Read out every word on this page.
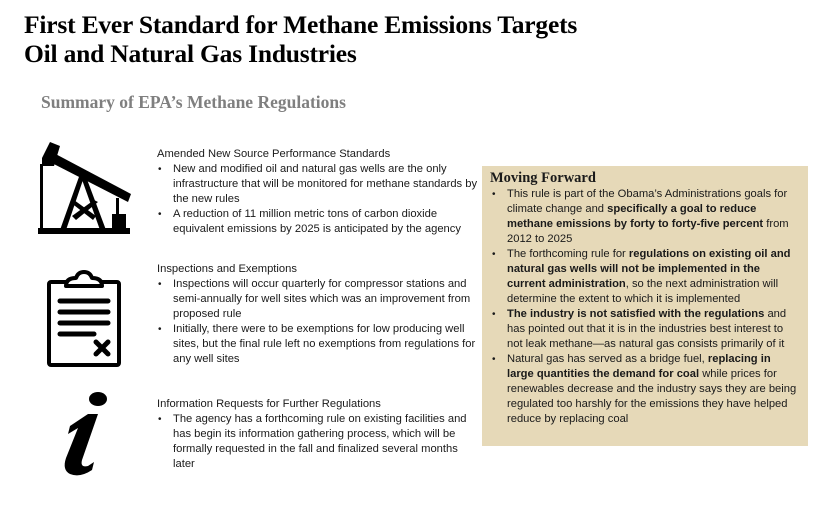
First Ever Standard for Methane Emissions Targets
Oil and Natural Gas Industries
Summary of EPA’s Methane Regulations
Amended New Source Performance Standards
• New and modified oil and natural gas wells are the only infrastructure that will be monitored for methane standards by the new rules
• A reduction of 11 million metric tons of carbon dioxide equivalent emissions by 2025 is anticipated by the agency
Inspections and Exemptions
• Inspections will occur quarterly for compressor stations and semi-annually for well sites which was an improvement from proposed rule
• Initially, there were to be exemptions for low producing well sites, but the final rule left no exemptions from regulations for any well sites
Information Requests for Further Regulations
• The agency has a forthcoming rule on existing facilities and has begin its information gathering process, which will be formally requested in the fall and finalized several months later
Moving Forward
• This rule is part of the Obama’s Administrations goals for climate change and specifically a goal to reduce methane emissions by forty to forty-five percent from 2012 to 2025
• The forthcoming rule for regulations on existing oil and natural gas wells will not be implemented in the current administration, so the next administration will determine the extent to which it is implemented
• The industry is not satisfied with the regulations and has pointed out that it is in the industries best interest to not leak methane—as natural gas consists primarily of it
• Natural gas has served as a bridge fuel, replacing in large quantities the demand for coal while prices for renewables decrease and the industry says they are being regulated too harshly for the emissions they have helped reduce by replacing coal
